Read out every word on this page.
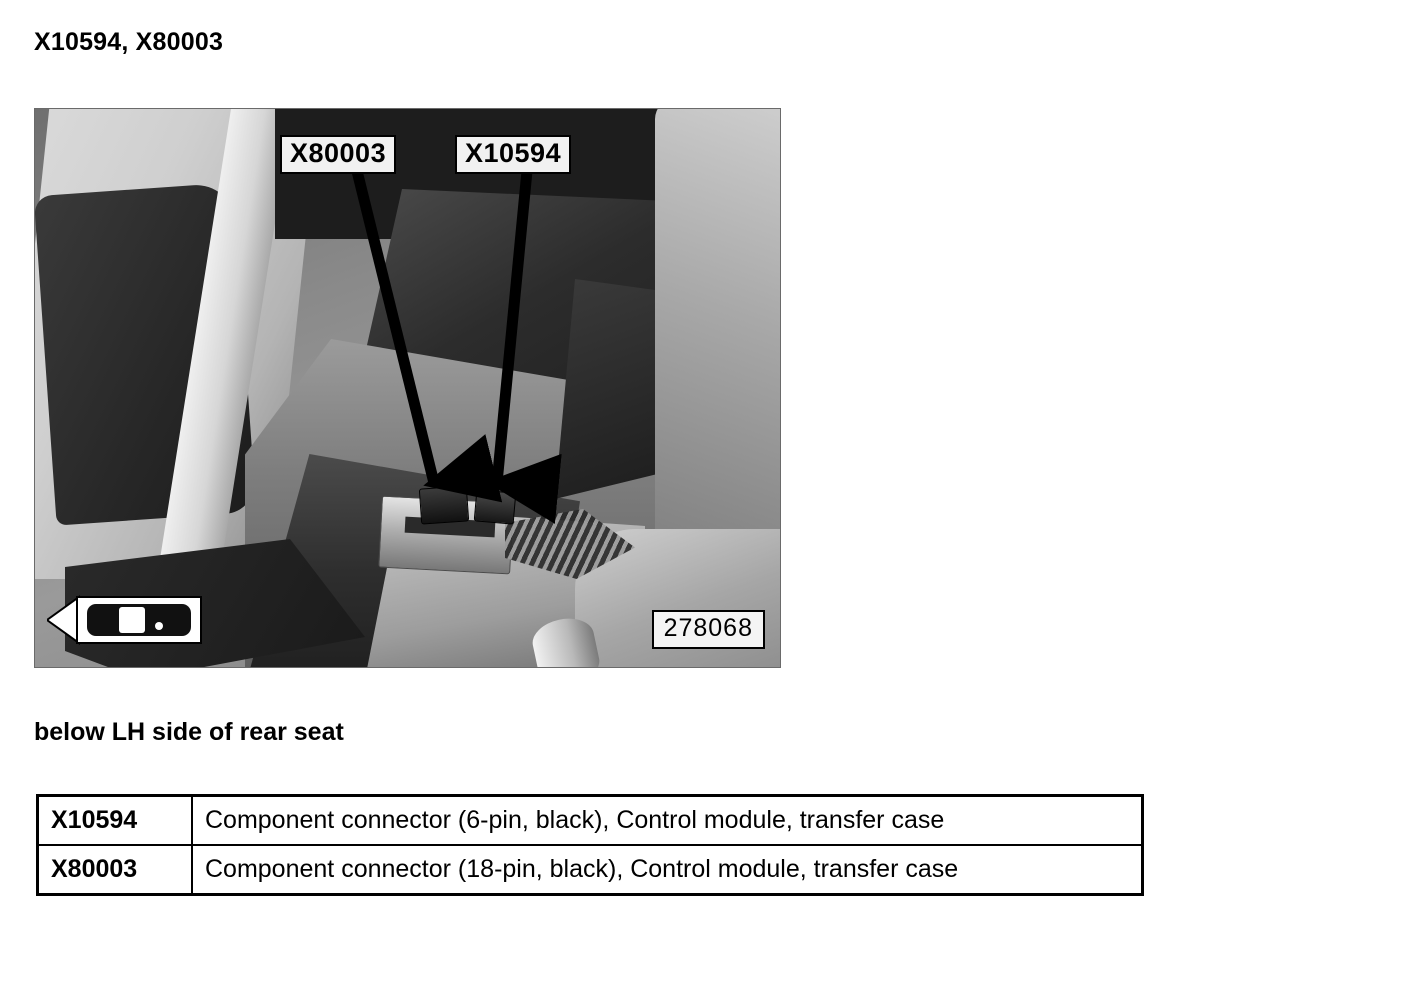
X10594, X80003
X80003	X10594
278068
below LH side of rear seat
X10594	Component connector (6-pin, black), Control module, transfer case
X80003	Component connector (18-pin, black), Control module, transfer case
